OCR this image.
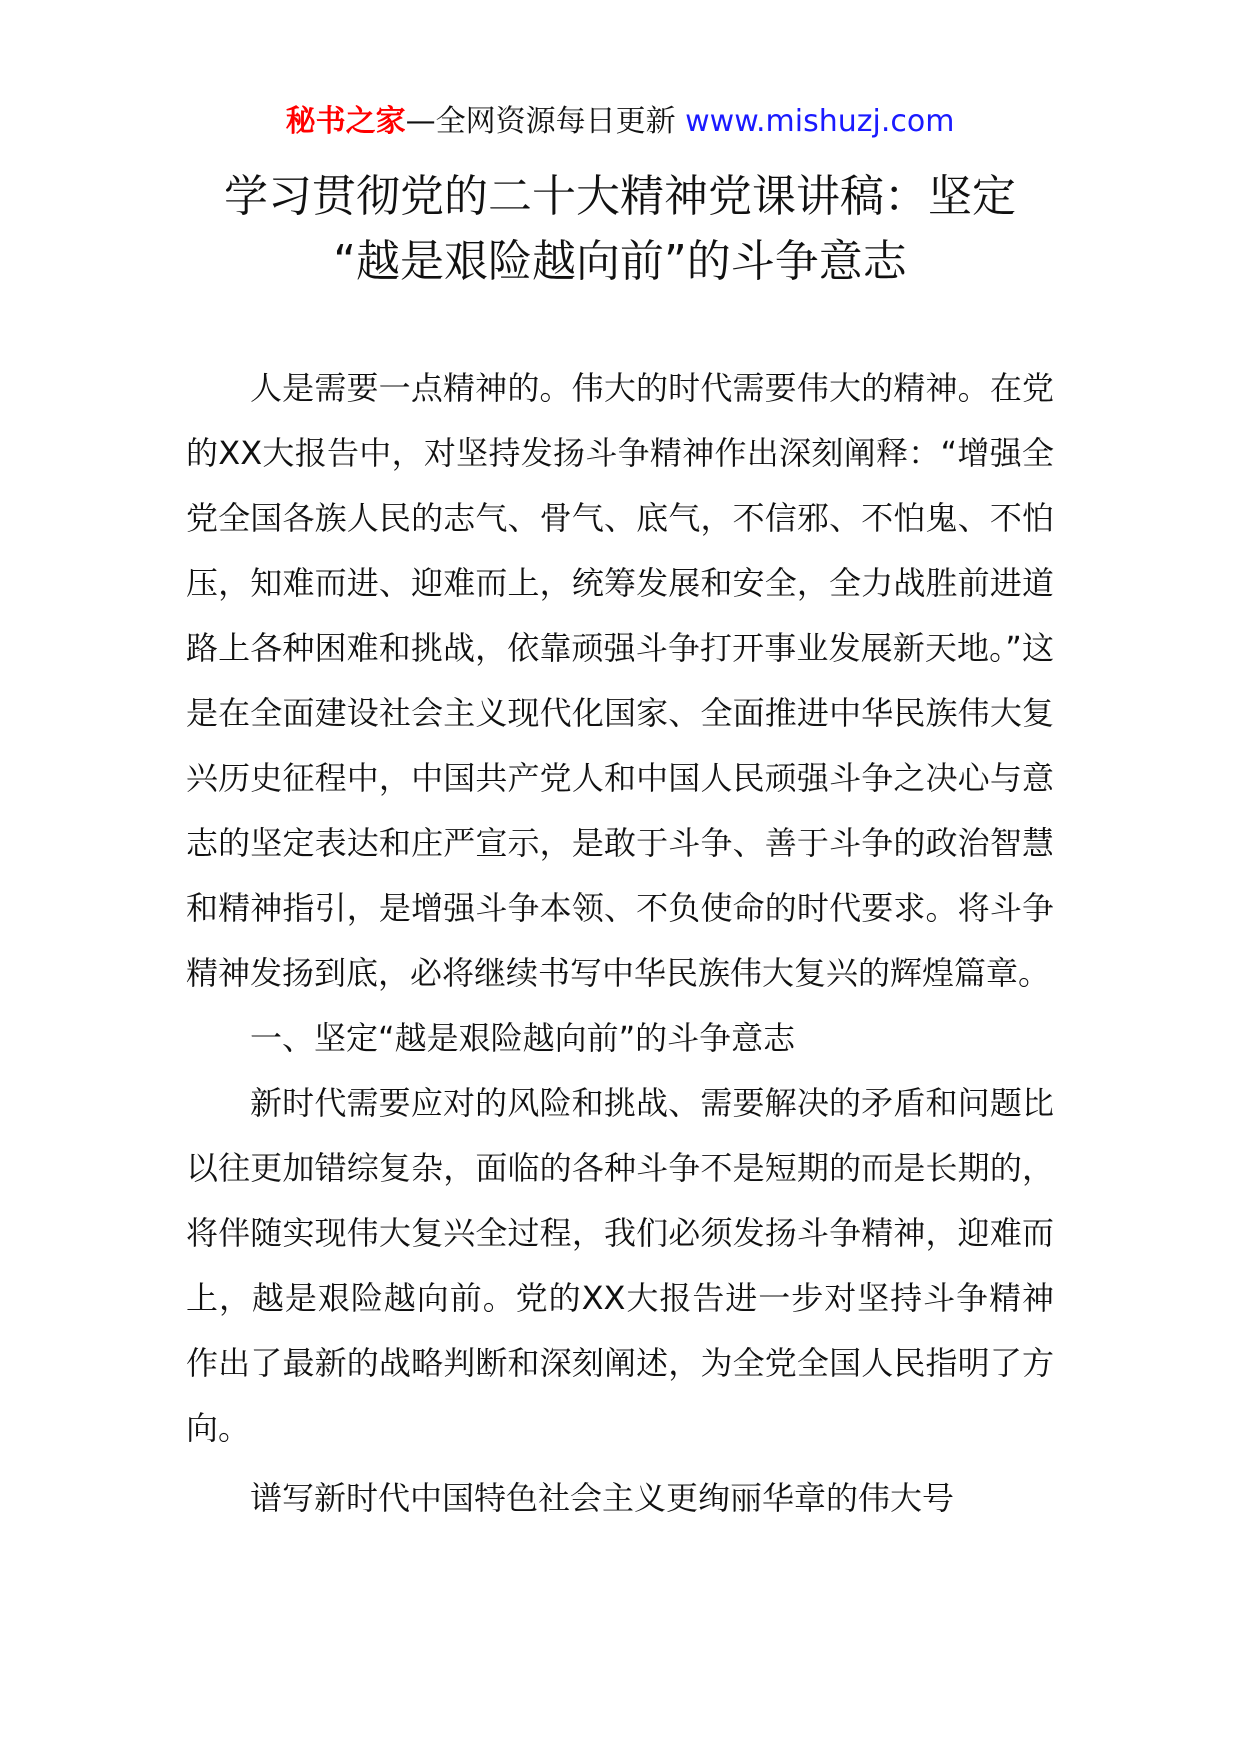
秘书之家—全网资源每日更新 www.mishuzj.com
学习贯彻党的二十大精神党课讲稿：坚定
“越是艰险越向前”的斗争意志

人是需要一点精神的。伟大的时代需要伟大的精神。在党的XX大报告中，对坚持发扬斗争精神作出深刻阐释：“增强全党全国各族人民的志气、骨气、底气，不信邪、不怕鬼、不怕压，知难而进、迎难而上，统筹发展和安全，全力战胜前进道路上各种困难和挑战，依靠顽强斗争打开事业发展新天地。”这是在全面建设社会主义现代化国家、全面推进中华民族伟大复兴历史征程中，中国共产党人和中国人民顽强斗争之决心与意志的坚定表达和庄严宣示，是敢于斗争、善于斗争的政治智慧和精神指引，是增强斗争本领、不负使命的时代要求。将斗争精神发扬到底，必将继续书写中华民族伟大复兴的辉煌篇章。

一、坚定“越是艰险越向前”的斗争意志

新时代需要应对的风险和挑战、需要解决的矛盾和问题比以往更加错综复杂，面临的各种斗争不是短期的而是长期的，将伴随实现伟大复兴全过程，我们必须发扬斗争精神，迎难而上，越是艰险越向前。党的XX大报告进一步对坚持斗争精神作出了最新的战略判断和深刻阐述，为全党全国人民指明了方向。

谱写新时代中国特色社会主义更绚丽华章的伟大号
